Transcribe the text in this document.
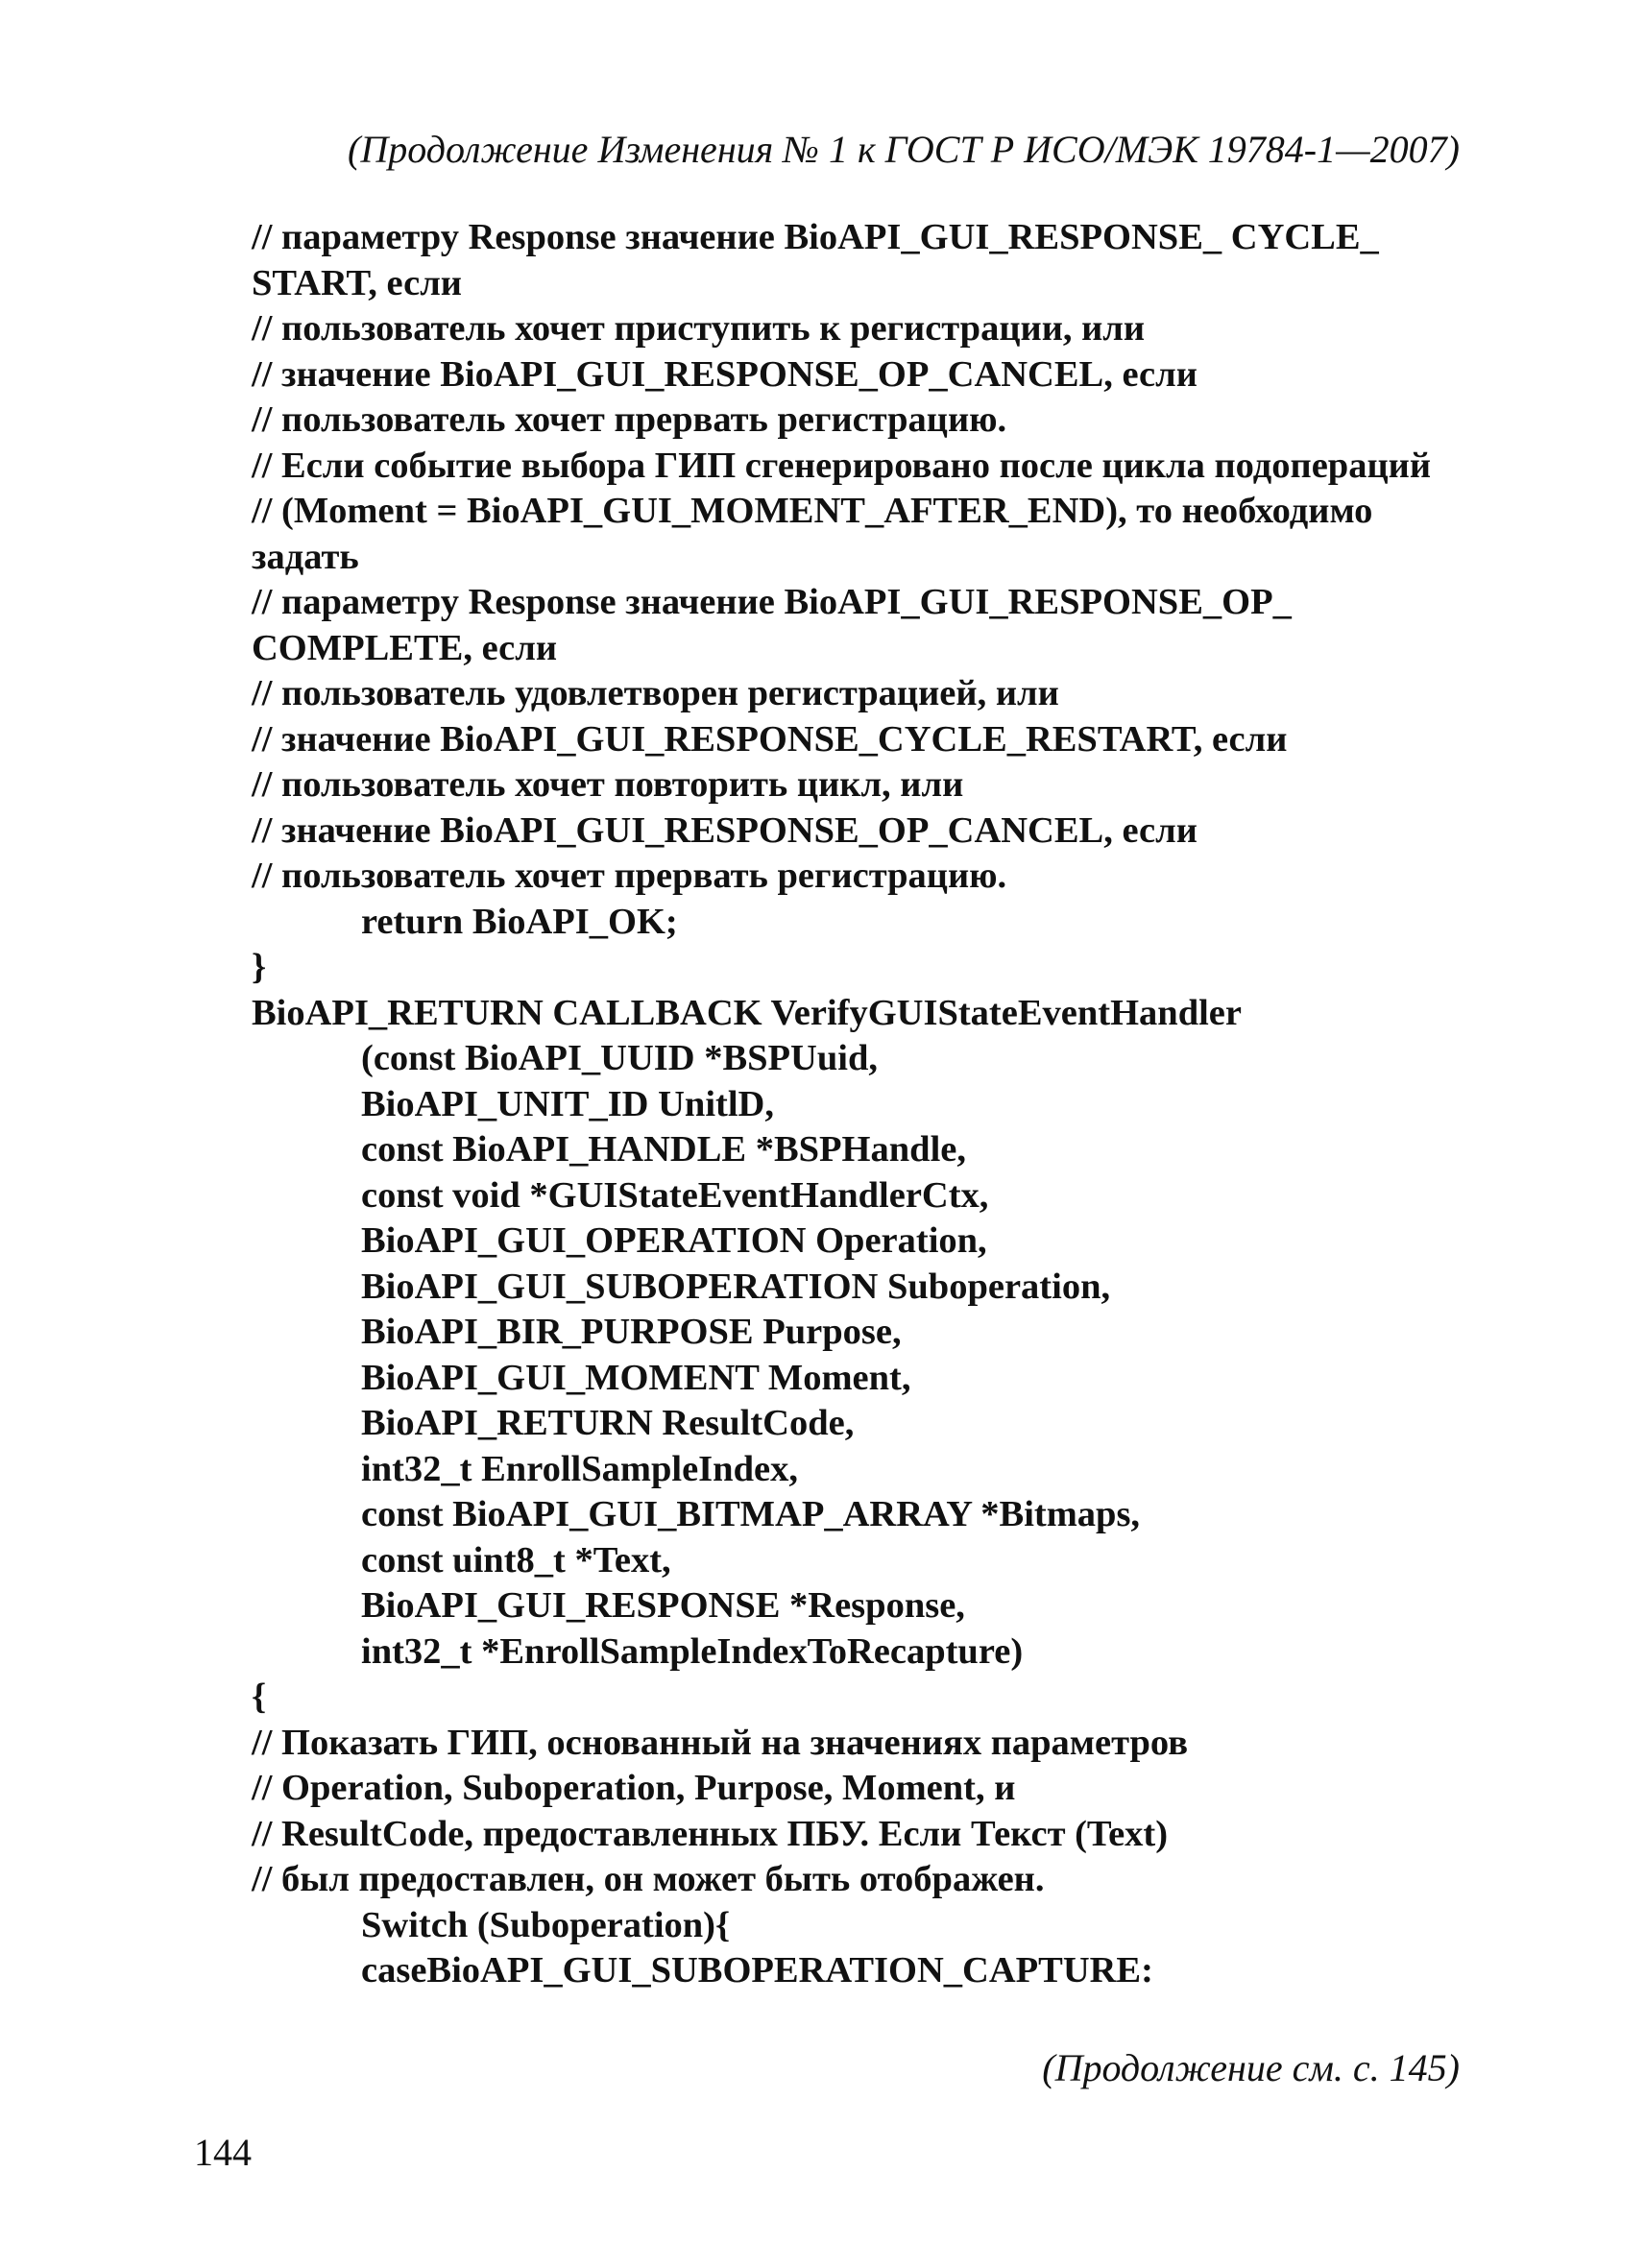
(Продолжение Изменения № 1 к ГОСТ Р ИСО/МЭК 19784-1—2007)
// параметру Response значение BioAPI_GUI_RESPONSE_ CYCLE_
START, если
// пользователь хочет приступить к регистрации, или
// значение BioAPI_GUI_RESPONSE_OP_CANCEL, если
// пользователь хочет прервать регистрацию.
// Если событие выбора ГИП сгенерировано после цикла подопераций
// (Moment = BioAPI_GUI_MOMENT_AFTER_END), то необходимо
задать
// параметру Response значение BioAPI_GUI_RESPONSE_OP_
COMPLETE, если
// пользователь удовлетворен регистрацией, или
// значение BioAPI_GUI_RESPONSE_CYCLE_RESTART, если
// пользователь хочет повторить цикл, или
// значение BioAPI_GUI_RESPONSE_OP_CANCEL, если
// пользователь хочет прервать регистрацию.
return BioAPI_OK;
}
BioAPI_RETURN CALLBACK VerifyGUIStateEventHandler
(const BioAPI_UUID *BSPUuid,
BioAPI_UNIT_ID UnitlD,
const BioAPI_HANDLE *BSPHandle,
const void *GUIStateEventHandlerCtx,
BioAPI_GUI_OPERATION Operation,
BioAPI_GUI_SUBOPERATION Suboperation,
BioAPI_BIR_PURPOSE Purpose,
BioAPI_GUI_MOMENT Moment,
BioAPI_RETURN ResultCode,
int32_t EnrollSampleIndex,
const BioAPI_GUI_BITMAP_ARRAY *Bitmaps,
const uint8_t *Text,
BioAPI_GUI_RESPONSE *Response,
int32_t *EnrollSampleIndexToRecapture)
{
// Показать ГИП, основанный на значениях параметров
// Operation, Suboperation, Purpose, Moment, и
// ResultCode, предоставленных ПБУ. Если Текст (Text)
// был предоставлен, он может быть отображен.
Switch (Suboperation){
caseBioAPI_GUI_SUBOPERATION_CAPTURE:
(Продолжение см. с. 145)
144
